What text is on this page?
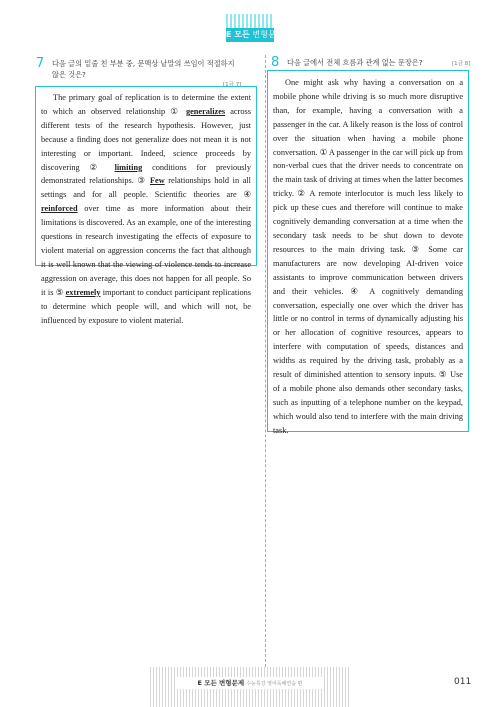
E 모든 변형문제
7 다음 글의 밑줄 친 부분 중, 문맥상 낱말의 쓰임이 적절하지 않은 것은?
[1금 7]

The primary goal of replication is to determine the extent to which an observed relationship ① generalizes across different tests of the research hypothesis. However, just because a finding does not generalize does not mean it is not interesting or important. Indeed, science proceeds by discovering ② limiting conditions for previously demonstrated relationships. ③ Few relationships hold in all settings and for all people. Scientific theories are ④ reinforced over time as more information about their limitations is discovered. As an example, one of the interesting questions in research investigating the effects of exposure to violent material on aggression concerns the fact that although it is well known that the viewing of violence tends to increase aggression on average, this does not happen for all people. So it is ⑤ extremely important to conduct participant replications to determine which people will, and which will not, be influenced by exposure to violent material.

8 다음 글에서 전체 흐름과 관계 없는 문장은?	[1금 8]

One might ask why having a conversation on a mobile phone while driving is so much more disruptive than, for example, having a conversation with a passenger in the car. A likely reason is the loss of control over the situation when having a mobile phone conversation. ① A passenger in the car will pick up from non-verbal cues that the driver needs to concentrate on the main task of driving at times when the latter becomes tricky. ② A remote interlocutor is much less likely to pick up these cues and therefore will continue to make cognitively demanding conversation at a time when the secondary task needs to be shut down to devote resources to the main driving task. ③ Some car manufacturers are now developing AI-driven voice assistants to improve communication between drivers and their vehicles. ④ A cognitively demanding conversation, especially one over which the driver has little or no control in terms of dynamically adjusting his or her allocation of cognitive resources, appears to interfere with computation of speeds, distances and widths as required by the driving task, probably as a result of diminished attention to sensory inputs. ⑤ Use of a mobile phone also demands other secondary tasks, such as inputting of a telephone number on the keypad, which would also tend to interfere with the main driving task.

E 모든 변형문제 수능특강 영어독해연습 편	011
